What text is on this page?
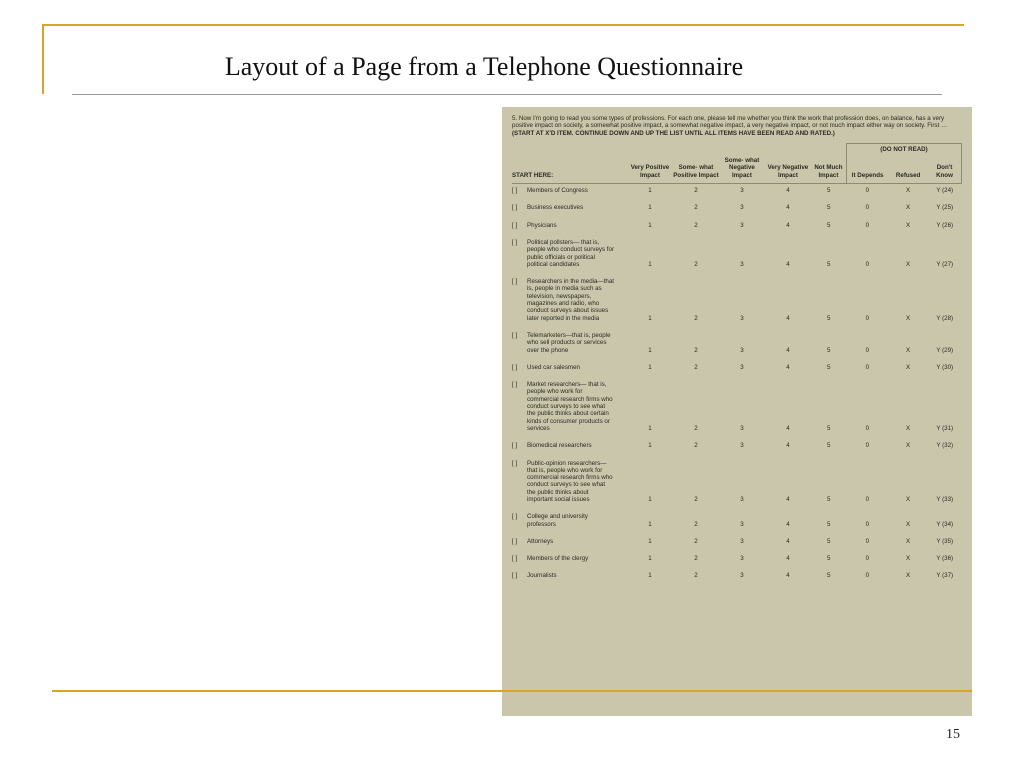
Layout of a Page from a Telephone Questionnaire

5. Now I'm going to read you some types of professions. For each one, please tell me whether you think the work that profession does, on balance, has a very positive impact on society, a somewhat positive impact, a somewhat negative impact, a very negative impact, or not much impact either way on society. First … (START AT X'D ITEM. CONTINUE DOWN AND UP THE LIST UNTIL ALL ITEMS HAVE BEEN READ AND RATED.)

						(DO NOT READ)		
START HERE:	Very Positive Impact	Some- what Positive Impact	Some- what Negative Impact	Very Negative Impact	Not Much Impact	It Depends	Refused	Don't Know

[ ] Members of Congress	1	2	3	4	5	0	X	Y (24)

[ ] Business executives	1	2	3	4	5	0	X	Y (25)

[ ] Physicians	1	2	3	4	5	0	X	Y (26)

[ ] Political pollsters— that is, people who conduct surveys for public officials or political political candidates	1	2	3	4	5	0	X	Y (27)

[ ] Researchers in the media—that is, people in media such as television, newspapers, magazines and radio, who conduct surveys about issues later reported in the media	1	2	3	4	5	0	X	Y (28)

[ ] Telemarketers—that is, people who sell products or services over the phone	1	2	3	4	5	0	X	Y (29)

[ ] Used car salesmen	1	2	3	4	5	0	X	Y (30)

[ ] Market researchers— that is, people who work for commercial research firms who conduct surveys to see what the public thinks about certain kinds of consumer products or services	1	2	3	4	5	0	X	Y (31)

[ ] Biomedical researchers	1	2	3	4	5	0	X	Y (32)

[ ] Public-opinion researchers—that is, people who work for commercial research firms who conduct surveys to see what the public thinks about important social issues	1	2	3	4	5	0	X	Y (33)

[ ] College and university professors	1	2	3	4	5	0	X	Y (34)

[ ] Attorneys	1	2	3	4	5	0	X	Y (35)

[ ] Members of the clergy	1	2	3	4	5	0	X	Y (36)

[ ] Journalists	1	2	3	4	5	0	X	Y (37)
15
